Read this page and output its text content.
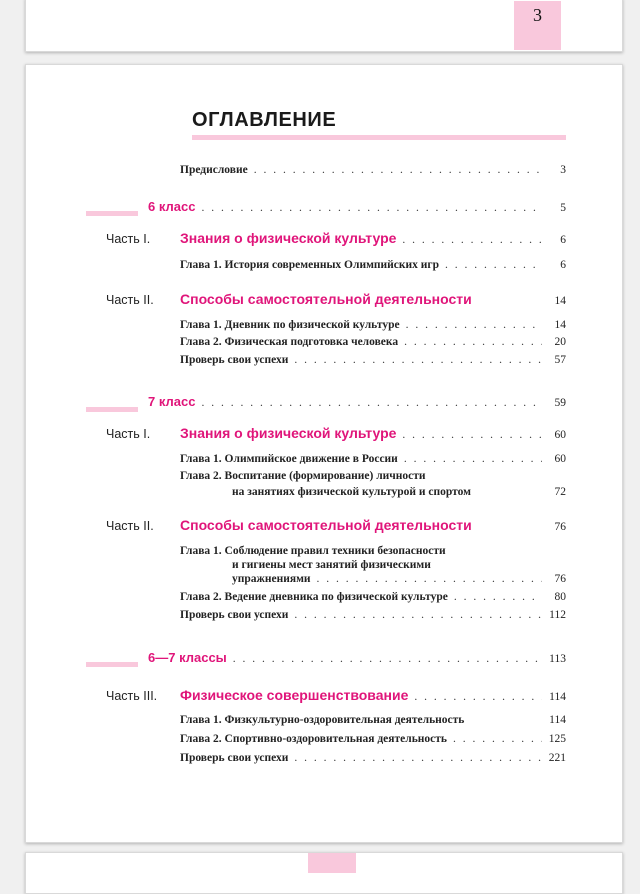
3
ОГЛАВЛЕНИЕ
Предисловие . . .	3
6 класс . . .	5
Часть I.	Знания о физической культуре . . .	6
Глава 1. История современных Олимпийских игр . . .	6
Часть II.	Способы самостоятельной деятельности	14
Глава 1. Дневник по физической культуре . . .	14
Глава 2. Физическая подготовка человека . . .	20
Проверь свои успехи . . .	57
7 класс . . .	59
Часть I.	Знания о физической культуре . . .	60
Глава 1. Олимпийское движение в России . . .	60
Глава 2. Воспитание (формирование) личности
на занятиях физической культурой и спортом	72
Часть II.	Способы самостоятельной деятельности	76
Глава 1. Соблюдение правил техники безопасности
и гигиены мест занятий физическими
упражнениями . . .	76
Глава 2. Ведение дневника по физической культуре . . .	80
Проверь свои успехи . . .	112
6—7 классы . . .	113
Часть III.	Физическое совершенствование . . .	114
Глава 1. Физкультурно-оздоровительная деятельность	114
Глава 2. Спортивно-оздоровительная деятельность . . .	125
Проверь свои успехи . . .	221
